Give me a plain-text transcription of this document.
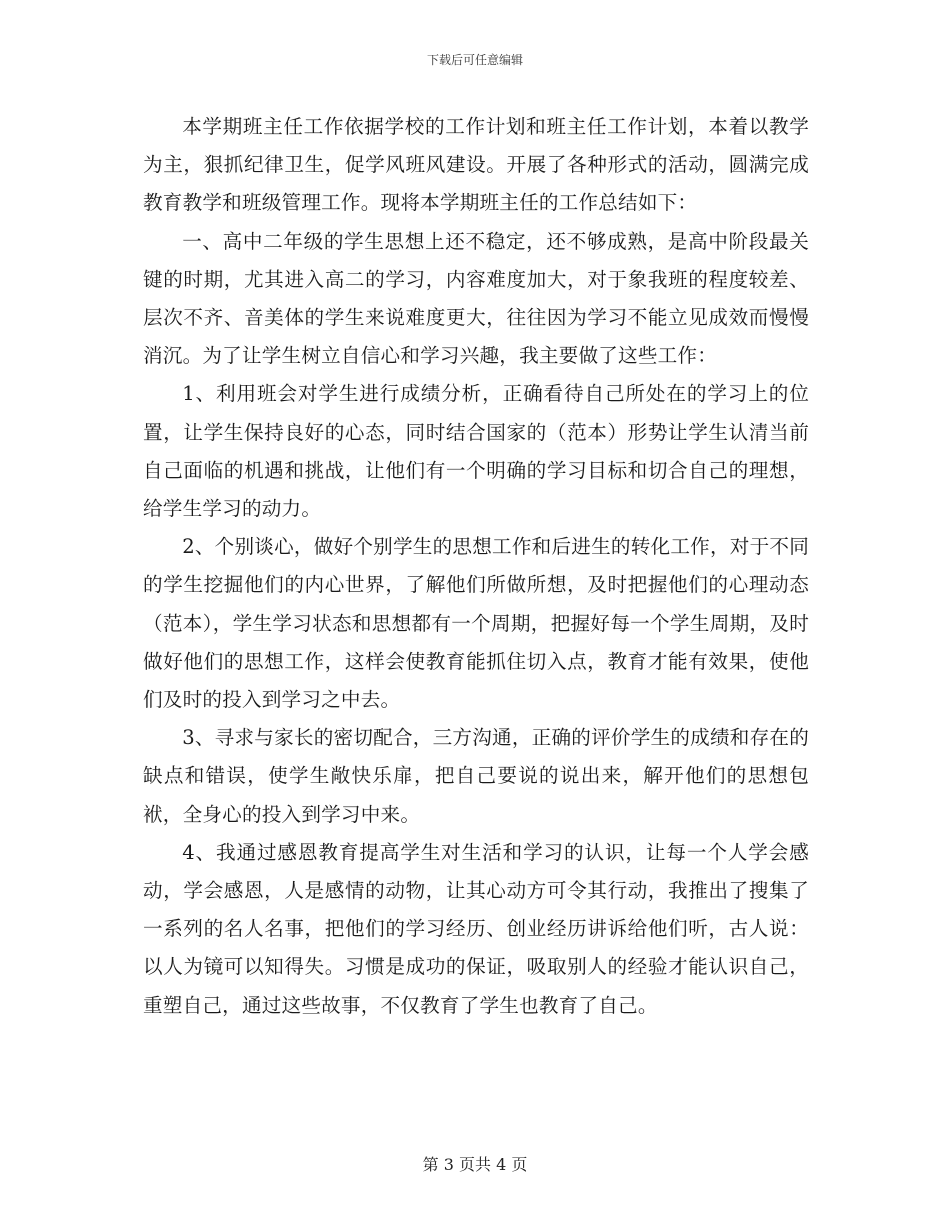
下载后可任意编辑

本学期班主任工作依据学校的工作计划和班主任工作计划，本着以教学为主，狠抓纪律卫生，促学风班风建设。开展了各种形式的活动，圆满完成教育教学和班级管理工作。现将本学期班主任的工作总结如下：

一、高中二年级的学生思想上还不稳定，还不够成熟，是高中阶段最关键的时期，尤其进入高二的学习，内容难度加大，对于象我班的程度较差、层次不齐、音美体的学生来说难度更大，往往因为学习不能立见成效而慢慢消沉。为了让学生树立自信心和学习兴趣，我主要做了这些工作：

1、利用班会对学生进行成绩分析，正确看待自己所处在的学习上的位置，让学生保持良好的心态，同时结合国家的（范本）形势让学生认清当前自己面临的机遇和挑战，让他们有一个明确的学习目标和切合自己的理想，给学生学习的动力。

2、个别谈心，做好个别学生的思想工作和后进生的转化工作，对于不同的学生挖掘他们的内心世界，了解他们所做所想，及时把握他们的心理动态（范本），学生学习状态和思想都有一个周期，把握好每一个学生周期，及时做好他们的思想工作，这样会使教育能抓住切入点，教育才能有效果，使他们及时的投入到学习之中去。

3、寻求与家长的密切配合，三方沟通，正确的评价学生的成绩和存在的缺点和错误，使学生敞快乐扉，把自己要说的说出来，解开他们的思想包袱，全身心的投入到学习中来。

4、我通过感恩教育提高学生对生活和学习的认识，让每一个人学会感动，学会感恩，人是感情的动物，让其心动方可令其行动，我推出了搜集了一系列的名人名事，把他们的学习经历、创业经历讲诉给他们听，古人说：以人为镜可以知得失。习惯是成功的保证，吸取别人的经验才能认识自己，重塑自己，通过这些故事，不仅教育了学生也教育了自己。

第 3 页共 4 页
